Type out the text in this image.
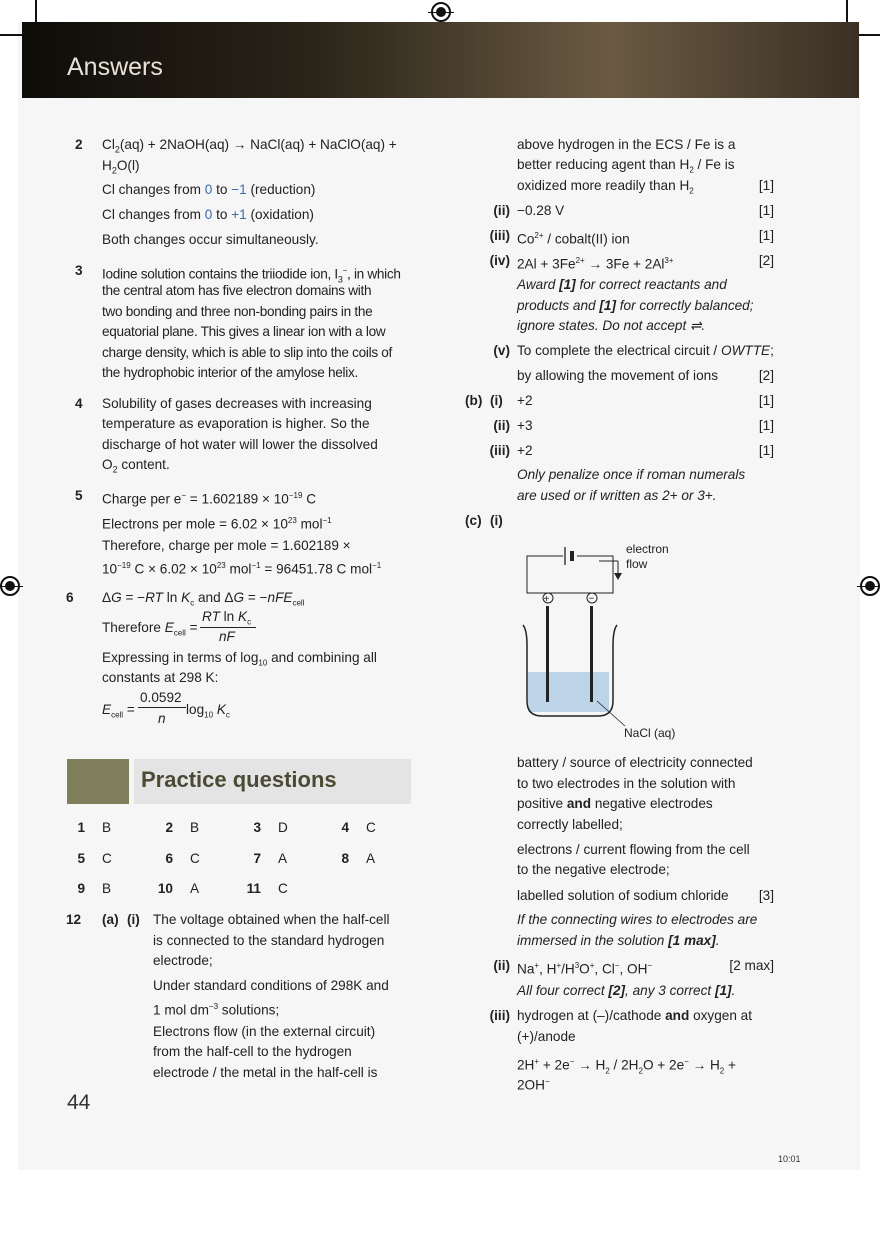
Answers
2 $Cl_2(aq)$ + 2NaOH(aq) → NaCl(aq) + NaClO(aq) +
$H_2O(l)$
Cl changes from 0 to −1 (reduction)
Cl changes from 0 to +1 (oxidation)
Both changes occur simultaneously.
3 Iodine solution contains the triiodide ion, $I_3^-$, in which
the central atom has five electron domains with
two bonding and three non-bonding pairs in the
equatorial plane. This gives a linear ion with a low
charge density, which is able to slip into the coils of
the hydrophobic interior of the amylose helix.
4 Solubility of gases decreases with increasing
temperature as evaporation is higher. So the
discharge of hot water will lower the dissolved
$O_2$ content.
5 Charge per $e^- = 1.602189 \times 10^{-19}$ C
Electrons per mole = $6.02 \times 10^{23}$ mol$^{-1}$
Therefore, charge per mole = 1.602189 ×
$10^{-19}$ $C \times 6.02 \times 10^{23}$ mol$^{-1}$ = 96451.78 C mol$^{-1}$
6 ΔG = −RT $\ln K_c$ and ΔG = −nFE$_{cell}$
RT $\ln K_c$
Therefore $E_{cell}$ =
nF
Expressing in terms of $\log_{10}$ and combining all
constants at 298 K:
0.0592
$E_{cell}$ =	$\log_{10} K_c$
n
Practice questions
12 (a) (i) The voltage obtained when the half-cell
is connected to the standard hydrogen
electrode;
Under standard conditions of 298K and
1 mol $dm^{-3}$ solutions;
Electrons flow (in the external circuit)
from the half-cell to the hydrogen
electrode / the metal in the half-cell is
44
10:01
above hydrogen in the ECS / Fe is a
better reducing agent than $H_2$ / Fe is
oxidized more readily than $H_2$	[1]
(ii) −0.28 V	[1]
(iii) $Co^{2+}$ / cobalt(II) ion	[1]
(iv) $2Al + 3Fe^{2+} \to 3Fe + 2Al^{3+}$	[2]
Award [1] for correct reactants and
products and [1] for correctly balanced;
ignore states. Do not accept ⇌.
(v) To complete the electrical circuit / OWTTE;
by allowing the movement of ions	[2]
(b) (i) +2	[1]
(ii) +3	[1]
(iii) +2	[1]
Only penalize once if roman numerals
are used or if written as 2+ or 3+.
(c) (i)
+	−
electron
flow
NaCl (aq)
battery / source of electricity connected
to two electrodes in the solution with
positive and negative electrodes
correctly labelled;
electrons / current flowing from the cell
to the negative electrode;
labelled solution of sodium chloride	[3]
If the connecting wires to electrodes are
immersed in the solution [1 max].
(ii) Na+, $H^+/H^3O^+$, Cl−, OH−	[2 max]
All four correct [2], any 3 correct [1].
(iii) hydrogen at (–)/cathode and oxygen at
(+)/anode
$2H^+ + 2e^- \to H_2 / 2H_2O + 2e^- \to H_2$ +
2OH−
1 B	2 B	3 D	4 C
5 C	6 C	7 A	8 A
9 B	10 A	11 C
